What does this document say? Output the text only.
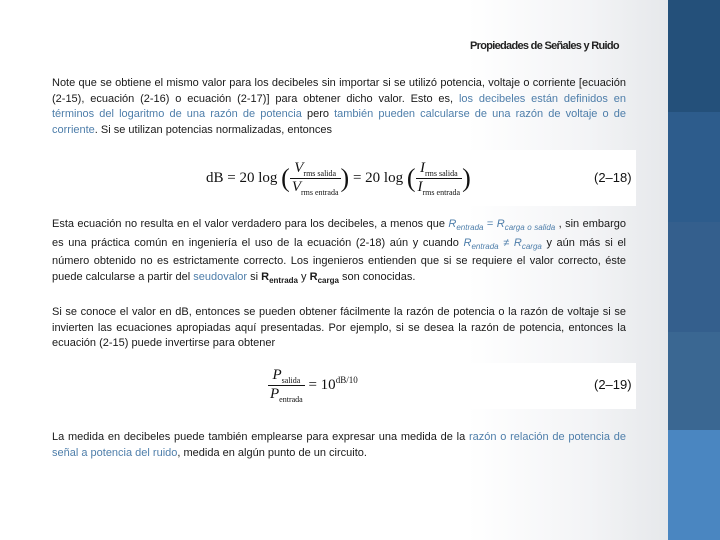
Propiedades de Señales y Ruido
Note que se obtiene el mismo valor para los decibeles sin importar si se utilizó potencia, voltaje o corriente [ecuación (2-15), ecuación (2-16) o ecuación (2-17)] para obtener dicho valor. Esto es, los decibeles están definidos en términos del logaritmo de una razón de potencia pero también pueden calcularse de una razón de voltaje o de corriente. Si se utilizan potencias normalizadas, entonces
dB = 20 log ( $\frac{V_{rms salida}}{V_{rms entrada}}$ ) = 20 log ( $\frac{I_{rms salida}}{I_{rms entrada}}$ )	(2–18)
Esta ecuación no resulta en el valor verdadero para los decibeles, a menos que $R_{entrada} = R_{carga o salida}$ , sin embargo es una práctica común en ingeniería el uso de la ecuación (2-18) aún y cuando $R_{entrada} \ne R_{carga}$ y aún más si el número obtenido no es estrictamente correcto. Los ingenieros entienden que si se requiere el valor correcto, éste puede calcularse a partir del seudovalor si $R_{entrada}$ y $R_{carga}$ son conocidas.
Si se conoce el valor en dB, entonces se pueden obtener fácilmente la razón de potencia o la razón de voltaje si se invierten las ecuaciones apropiadas aquí presentadas. Por ejemplo, si se desea la razón de potencia, entonces la ecuación (2-15) puede invertirse para obtener
$\frac{P_{salida}}{P_{entrada}} = 10^{dB/10}$	(2–19)
La medida en decibeles puede también emplearse para expresar una medida de la razón o relación de potencia de señal a potencia del ruido, medida en algún punto de un circuito.
